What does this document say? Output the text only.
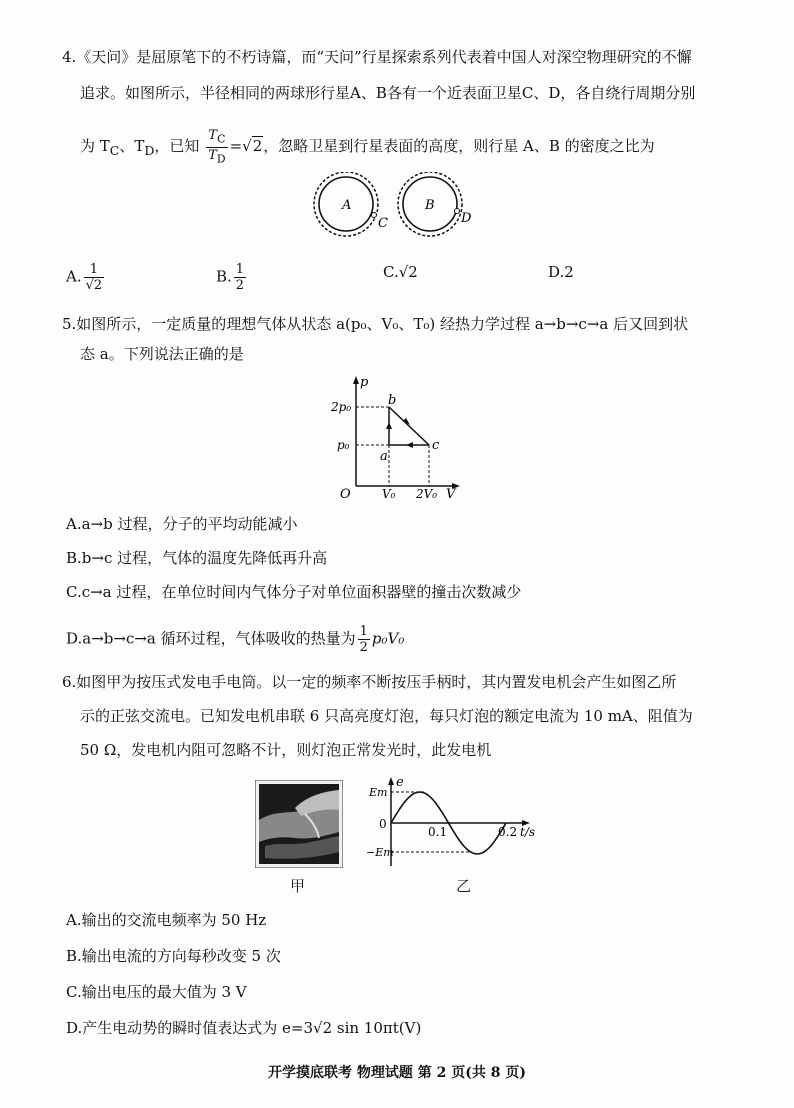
4.《天问》是屈原笔下的不朽诗篇，而“天问”行星探索系列代表着中国人对深空物理研究的不懈
追求。如图所示，半径相同的两球形行星A、B各有一个近表面卫星C、D，各自绕行周期分别
为 $T_C$、$T_D$，已知 $\frac{T_C}{T_D} =√2$，忽略卫星到行星表面的高度，则行星 A、B 的密度之比为
A
C
B
D
A. $\frac{1}{√2}$	B. $\frac{1}{2}$	C.√2	D.2
5.如图所示，一定质量的理想气体从状态 a(p₀、V₀、T₀) 经热力学过程 a→b→c→a 后又回到状
态 a。下列说法正确的是
p
V
O
2p₀
p₀
V₀ 2V₀
a
b
c
A.a→b 过程，分子的平均动能减小
B.b→c 过程，气体的温度先降低再升高
C.c→a 过程，在单位时间内气体分子对单位面积器壁的撞击次数减少
D.a→b→c→a 循环过程，气体吸收的热量为 $\frac{1}{2} p_0V_0$
6.如图甲为按压式发电手电筒。以一定的频率不断按压手柄时，其内置发电机会产生如图乙所
示的正弦交流电。已知发电机串联 6 只高亮度灯泡，每只灯泡的额定电流为 10 mA、阻值为
50 Ω，发电机内阻可忽略不计，则灯泡正常发光时，此发电机
甲
e
Em
0
−Em
0.1	0.2 t/s
乙
A.输出的交流电频率为 50 Hz
B.输出电流的方向每秒改变 5 次
C.输出电压的最大值为 3 V
D.产生电动势的瞬时值表达式为 e=3√2 sin 10πt(V)
开学摸底联考 物理试题 第 2 页(共 8 页)
